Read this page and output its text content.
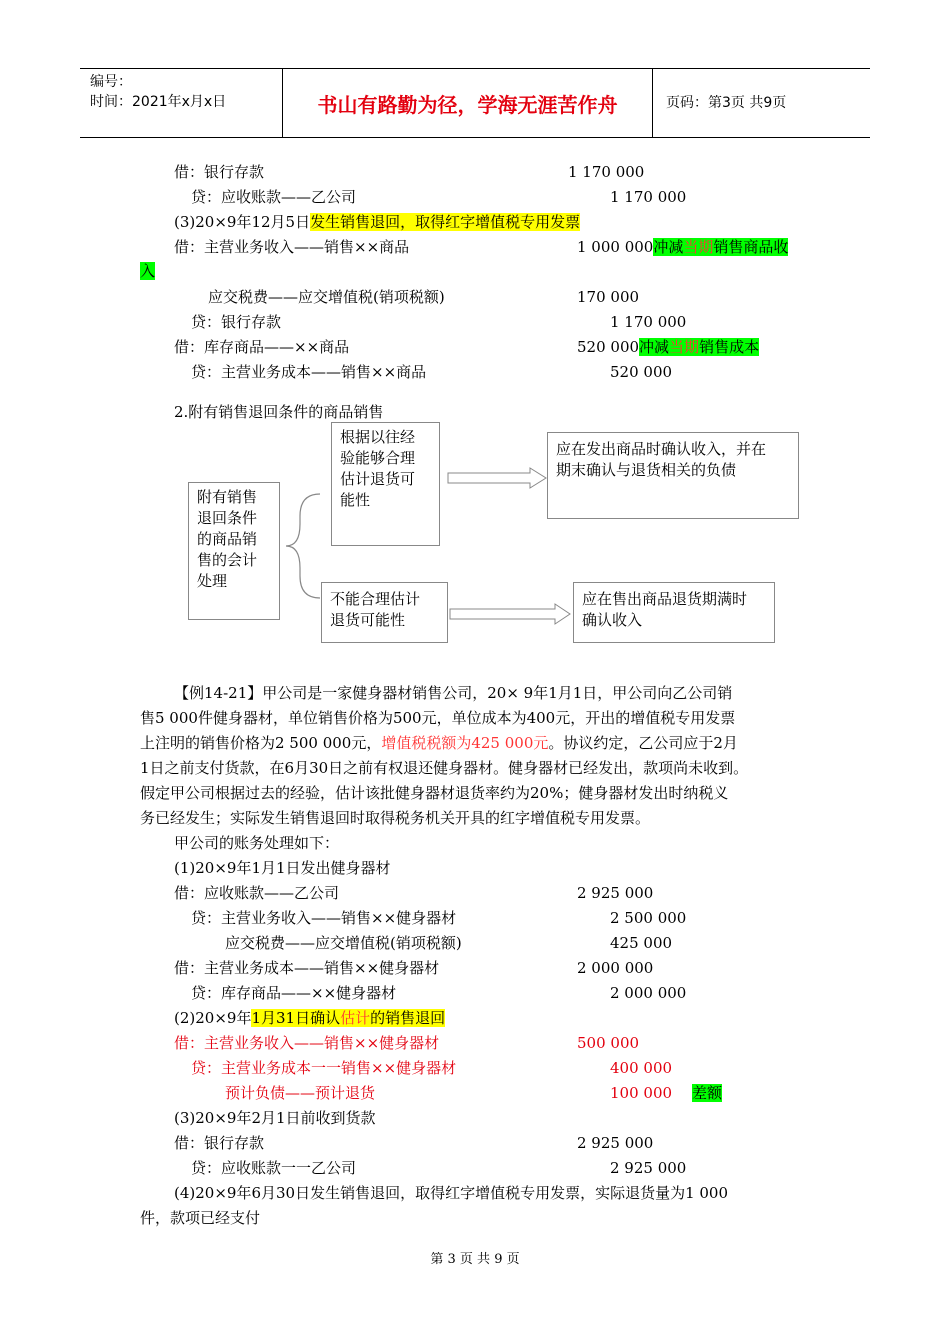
编号：
时间：2021年x月x日	书山有路勤为径，学海无涯苦作舟	页码：第3页 共9页
借：银行存款	1 170 000
贷：应收账款——乙公司	1 170 000
(3)20×9年12月5日发生销售退回，取得红字增值税专用发票
借：主营业务收入——销售××商品	1 000 000冲减当期销售商品收
入
应交税费——应交增值税(销项税额)	170 000
贷：银行存款	1 170 000
借：库存商品——××商品	520 000冲减当期销售成本
贷：主营业务成本——销售××商品	520 000
2.附有销售退回条件的商品销售
附有销售
退回条件
的商品销
售的会计
处理
根据以往经
验能够合理
估计退货可
能性
应在发出商品时确认收入，并在
期末确认与退货相关的负债
不能合理估计
退货可能性
应在售出商品退货期满时
确认收入
【例14-21】甲公司是一家健身器材销售公司，20× 9年1月1日，甲公司向乙公司销
售5 000件健身器材，单位销售价格为500元，单位成本为400元，开出的增值税专用发票
上注明的销售价格为2 500 000元，增值税税额为425 000元。协议约定，乙公司应于2月
1日之前支付货款，在6月30日之前有权退还健身器材。健身器材已经发出，款项尚未收到。
假定甲公司根据过去的经验，估计该批健身器材退货率约为20%；健身器材发出时纳税义
务已经发生；实际发生销售退回时取得税务机关开具的红字增值税专用发票。
甲公司的账务处理如下：
(1)20×9年1月1日发出健身器材
借：应收账款——乙公司	2 925 000
贷：主营业务收入——销售××健身器材	2 500 000
应交税费——应交增值税(销项税额)	425 000
借：主营业务成本——销售××健身器材	2 000 000
贷：库存商品——××健身器材	2 000 000
(2)20×9年1月31日确认估计的销售退回
借：主营业务收入——销售××健身器材	500 000
贷：主营业务成本一一销售××健身器材	400 000
预计负债——预计退货	100 000 差额
(3)20×9年2月1日前收到货款
借：银行存款	2 925 000
贷：应收账款一一乙公司	2 925 000
(4)20×9年6月30日发生销售退回，取得红字增值税专用发票，实际退货量为1 000
件，款项已经支付
第 3 页 共 9 页
